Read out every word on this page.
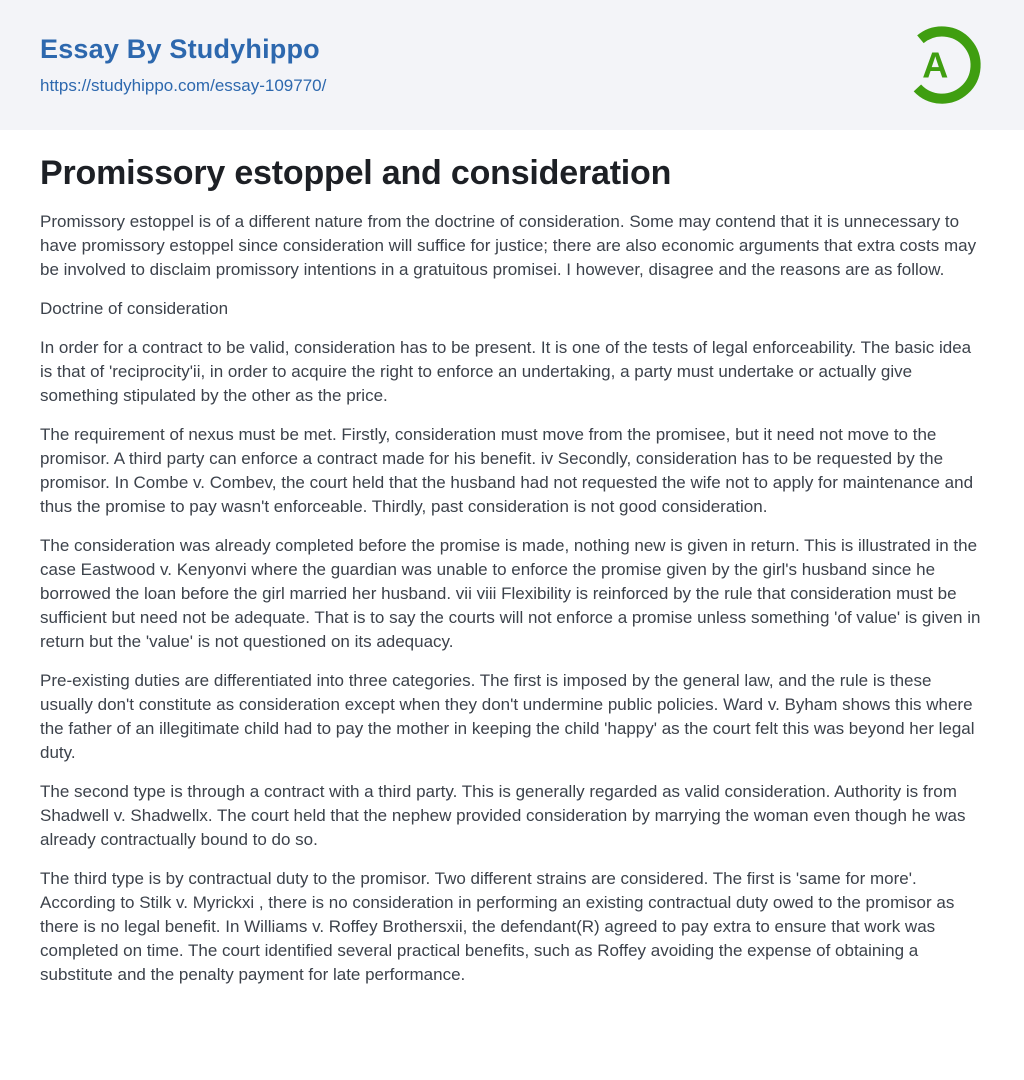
Essay By Studyhippo
https://studyhippo.com/essay-109770/	A
Promissory estoppel and consideration

Promissory estoppel is of a different nature from the doctrine of consideration. Some may contend that it is unnecessary to have promissory estoppel since consideration will suffice for justice; there are also economic arguments that extra costs may be involved to disclaim promissory intentions in a gratuitous promisei. I however, disagree and the reasons are as follow.

Doctrine of consideration

In order for a contract to be valid, consideration has to be present. It is one of the tests of legal enforceability. The basic idea is that of 'reciprocity'ii, in order to acquire the right to enforce an undertaking, a party must undertake or actually give something stipulated by the other as the price.

The requirement of nexus must be met. Firstly, consideration must move from the promisee, but it need not move to the promisor. A third party can enforce a contract made for his benefit. iv Secondly, consideration has to be requested by the promisor. In Combe v. Combev, the court held that the husband had not requested the wife not to apply for maintenance and thus the promise to pay wasn't enforceable. Thirdly, past consideration is not good consideration.

The consideration was already completed before the promise is made, nothing new is given in return. This is illustrated in the case Eastwood v. Kenyonvi where the guardian was unable to enforce the promise given by the girl's husband since he borrowed the loan before the girl married her husband. vii viii Flexibility is reinforced by the rule that consideration must be sufficient but need not be adequate. That is to say the courts will not enforce a promise unless something 'of value' is given in return but the 'value' is not questioned on its adequacy.

Pre-existing duties are differentiated into three categories. The first is imposed by the general law, and the rule is these usually don't constitute as consideration except when they don't undermine public policies. Ward v. Byham shows this where the father of an illegitimate child had to pay the mother in keeping the child 'happy' as the court felt this was beyond her legal duty.

The second type is through a contract with a third party. This is generally regarded as valid consideration. Authority is from Shadwell v. Shadwellx. The court held that the nephew provided consideration by marrying the woman even though he was already contractually bound to do so.

The third type is by contractual duty to the promisor. Two different strains are considered. The first is 'same for more'. According to Stilk v. Myrickxi , there is no consideration in performing an existing contractual duty owed to the promisor as there is no legal benefit. In Williams v. Roffey Brothersxii, the defendant(R) agreed to pay extra to ensure that work was completed on time. The court identified several practical benefits, such as Roffey avoiding the expense of obtaining a substitute and the penalty payment for late performance.
